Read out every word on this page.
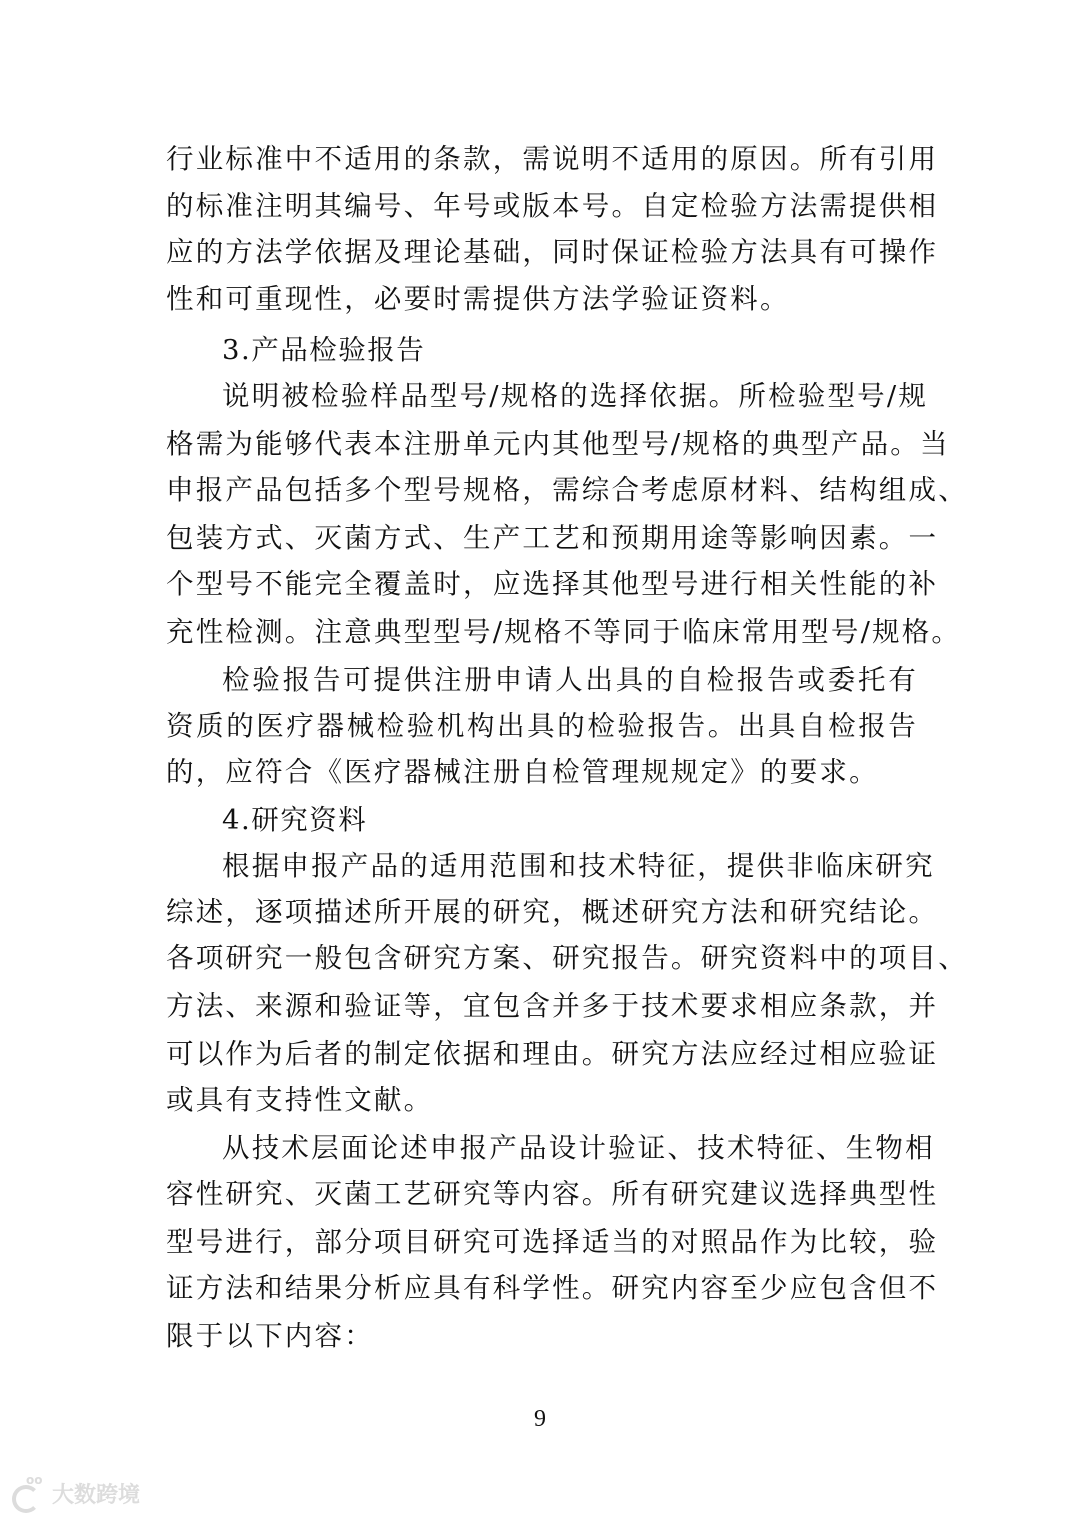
行业标准中不适用的条款，需说明不适用的原因。所有引用
的标准注明其编号、年号或版本号。自定检验方法需提供相
应的方法学依据及理论基础，同时保证检验方法具有可操作
性和可重现性，必要时需提供方法学验证资料。
3.产品检验报告
说明被检验样品型号/规格的选择依据。所检验型号/规
格需为能够代表本注册单元内其他型号/规格的典型产品。当
申报产品包括多个型号规格，需综合考虑原材料、结构组成、
包装方式、灭菌方式、生产工艺和预期用途等影响因素。一
个型号不能完全覆盖时，应选择其他型号进行相关性能的补
充性检测。注意典型型号/规格不等同于临床常用型号/规格。
检验报告可提供注册申请人出具的自检报告或委托有
资质的医疗器械检验机构出具的检验报告。出具自检报告
的，应符合《医疗器械注册自检管理规规定》的要求。
4.研究资料
根据申报产品的适用范围和技术特征，提供非临床研究
综述，逐项描述所开展的研究，概述研究方法和研究结论。
各项研究一般包含研究方案、研究报告。研究资料中的项目、
方法、来源和验证等，宜包含并多于技术要求相应条款，并
可以作为后者的制定依据和理由。研究方法应经过相应验证
或具有支持性文献。
从技术层面论述申报产品设计验证、技术特征、生物相
容性研究、灭菌工艺研究等内容。所有研究建议选择典型性
型号进行，部分项目研究可选择适当的对照品作为比较，验
证方法和结果分析应具有科学性。研究内容至少应包含但不
限于以下内容：
9
oo
大数跨境
